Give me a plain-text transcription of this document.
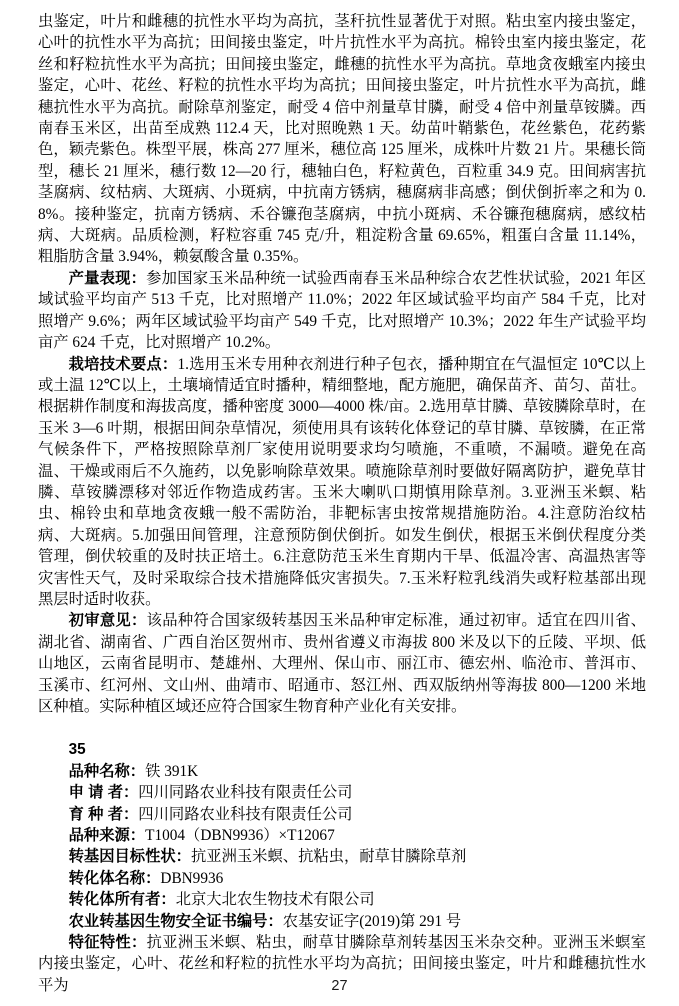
虫鉴定，叶片和雌穗的抗性水平均为高抗，茎秆抗性显著优于对照。粘虫室内接虫鉴定，心叶的抗性水平为高抗；田间接虫鉴定，叶片抗性水平为高抗。棉铃虫室内接虫鉴定，花丝和籽粒抗性水平为高抗；田间接虫鉴定，雌穗的抗性水平为高抗。草地贪夜蛾室内接虫鉴定，心叶、花丝、籽粒的抗性水平均为高抗；田间接虫鉴定，叶片抗性水平为高抗，雌穗抗性水平为高抗。耐除草剂鉴定，耐受 4 倍中剂量草甘膦，耐受 4 倍中剂量草铵膦。西南春玉米区，出苗至成熟 112.4 天，比对照晚熟 1 天。幼苗叶鞘紫色，花丝紫色，花药紫色，颖壳紫色。株型平展，株高 277 厘米，穗位高 125 厘米，成株叶片数 21 片。果穗长筒型，穗长 21 厘米，穗行数 12—20 行，穗轴白色，籽粒黄色，百粒重 34.9 克。田间病害抗茎腐病、纹枯病、大斑病、小斑病，中抗南方锈病，穗腐病非高感；倒伏倒折率之和为 0.8%。接种鉴定，抗南方锈病、禾谷镰孢茎腐病，中抗小斑病、禾谷镰孢穗腐病，感纹枯病、大斑病。品质检测，籽粒容重 745 克/升，粗淀粉含量 69.65%，粗蛋白含量 11.14%，粗脂肪含量 3.94%，赖氨酸含量 0.35%。

产量表现：参加国家玉米品种统一试验西南春玉米品种综合农艺性状试验，2021 年区域试验平均亩产 513 千克，比对照增产 11.0%；2022 年区域试验平均亩产 584 千克，比对照增产 9.6%；两年区域试验平均亩产 549 千克，比对照增产 10.3%；2022 年生产试验平均亩产 624 千克，比对照增产 10.2%。

栽培技术要点：1.选用玉米专用种衣剂进行种子包衣，播种期宜在气温恒定 10℃以上或土温 12℃以上，土壤墒情适宜时播种，精细整地，配方施肥，确保苗齐、苗匀、苗壮。根据耕作制度和海拔高度，播种密度 3000—4000 株/亩。2.选用草甘膦、草铵膦除草时，在玉米 3—6 叶期，根据田间杂草情况，须使用具有该转化体登记的草甘膦、草铵膦，在正常气候条件下，严格按照除草剂厂家使用说明要求均匀喷施，不重喷，不漏喷。避免在高温、干燥或雨后不久施药，以免影响除草效果。喷施除草剂时要做好隔离防护，避免草甘膦、草铵膦漂移对邻近作物造成药害。玉米大喇叭口期慎用除草剂。3.亚洲玉米螟、粘虫、棉铃虫和草地贪夜蛾一般不需防治，非靶标害虫按常规措施防治。4.注意防治纹枯病、大斑病。5.加强田间管理，注意预防倒伏倒折。如发生倒伏，根据玉米倒伏程度分类管理，倒伏较重的及时扶正培土。6.注意防范玉米生育期内干旱、低温冷害、高温热害等灾害性天气，及时采取综合技术措施降低灾害损失。7.玉米籽粒乳线消失或籽粒基部出现黑层时适时收获。

初审意见：该品种符合国家级转基因玉米品种审定标准，通过初审。适宜在四川省、湖北省、湖南省、广西自治区贺州市、贵州省遵义市海拔 800 米及以下的丘陵、平坝、低山地区，云南省昆明市、楚雄州、大理州、保山市、丽江市、德宏州、临沧市、普洱市、玉溪市、红河州、文山州、曲靖市、昭通市、怒江州、西双版纳州等海拔 800—1200 米地区种植。实际种植区域还应符合国家生物育种产业化有关安排。

35

品种名称：铁 391K

申 请 者：四川同路农业科技有限责任公司

育 种 者：四川同路农业科技有限责任公司

品种来源：T1004（DBN9936）×T12067

转基因目标性状：抗亚洲玉米螟、抗粘虫，耐草甘膦除草剂

转化体名称：DBN9936

转化体所有者：北京大北农生物技术有限公司

农业转基因生物安全证书编号：农基安证字(2019)第 291 号

特征特性：抗亚洲玉米螟、粘虫，耐草甘膦除草剂转基因玉米杂交种。亚洲玉米螟室内接虫鉴定，心叶、花丝和籽粒的抗性水平均为高抗；田间接虫鉴定，叶片和雌穗抗性水平为	27
